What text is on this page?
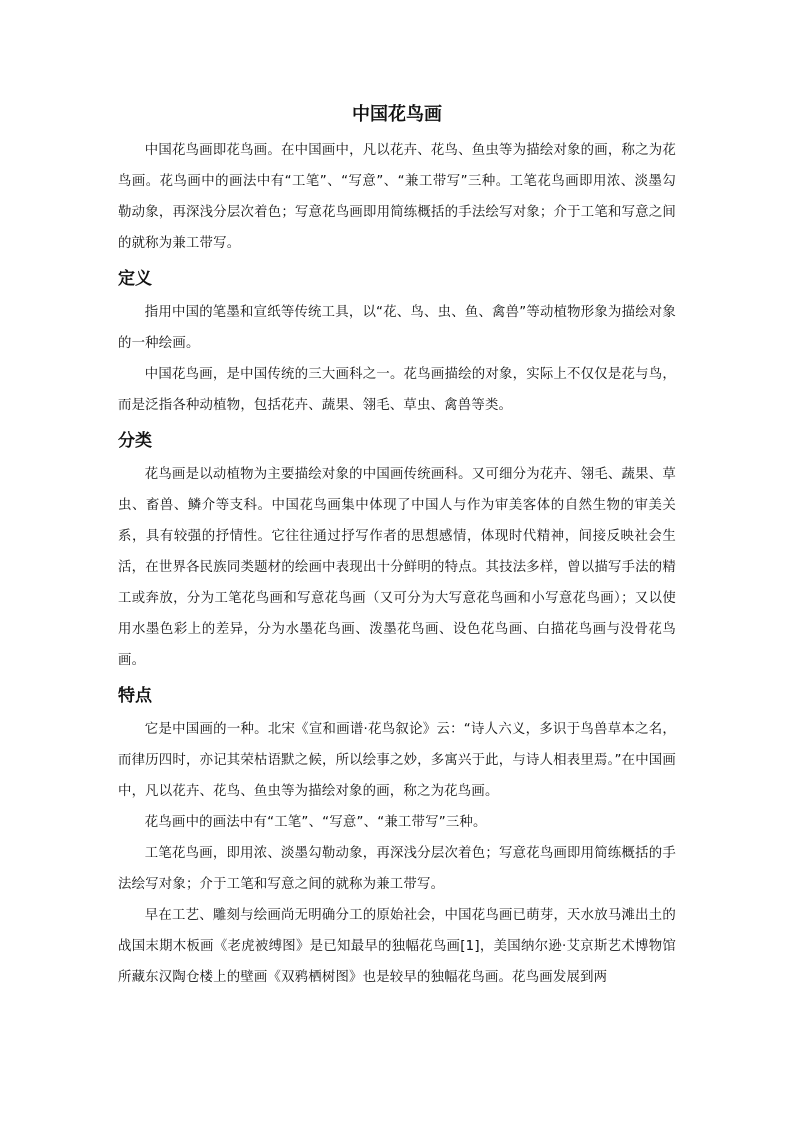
中国花鸟画

中国花鸟画即花鸟画。在中国画中，凡以花卉、花鸟、鱼虫等为描绘对象的画，称之为花鸟画。花鸟画中的画法中有“工笔”、“写意”、“兼工带写”三种。工笔花鸟画即用浓、淡墨勾勒动象，再深浅分层次着色；写意花鸟画即用简练概括的手法绘写对象；介于工笔和写意之间的就称为兼工带写。

定义

指用中国的笔墨和宣纸等传统工具，以“花、鸟、虫、鱼、禽兽”等动植物形象为描绘对象的一种绘画。

中国花鸟画，是中国传统的三大画科之一。花鸟画描绘的对象，实际上不仅仅是花与鸟，而是泛指各种动植物，包括花卉、蔬果、翎毛、草虫、禽兽等类。

分类

花鸟画是以动植物为主要描绘对象的中国画传统画科。又可细分为花卉、翎毛、蔬果、草虫、畜兽、鳞介等支科。中国花鸟画集中体现了中国人与作为审美客体的自然生物的审美关系，具有较强的抒情性。它往往通过抒写作者的思想感情，体现时代精神，间接反映社会生活，在世界各民族同类题材的绘画中表现出十分鲜明的特点。其技法多样，曾以描写手法的精工或奔放，分为工笔花鸟画和写意花鸟画（又可分为大写意花鸟画和小写意花鸟画）；又以使用水墨色彩上的差异，分为水墨花鸟画、泼墨花鸟画、设色花鸟画、白描花鸟画与没骨花鸟画。

特点

它是中国画的一种。北宋《宣和画谱·花鸟叙论》云：“诗人六义，多识于鸟兽草本之名，而律历四时，亦记其荣枯语默之候，所以绘事之妙，多寓兴于此，与诗人相表里焉。”在中国画中，凡以花卉、花鸟、鱼虫等为描绘对象的画，称之为花鸟画。

花鸟画中的画法中有“工笔”、“写意”、“兼工带写”三种。

工笔花鸟画，即用浓、淡墨勾勒动象，再深浅分层次着色；写意花鸟画即用简练概括的手法绘写对象；介于工笔和写意之间的就称为兼工带写。

早在工艺、雕刻与绘画尚无明确分工的原始社会，中国花鸟画已萌芽，天水放马滩出土的战国末期木板画《老虎被缚图》是已知最早的独幅花鸟画[1]，美国纳尔逊·艾京斯艺术博物馆所藏东汉陶仓楼上的壁画《双鸦栖树图》也是较早的独幅花鸟画。花鸟画发展到两
